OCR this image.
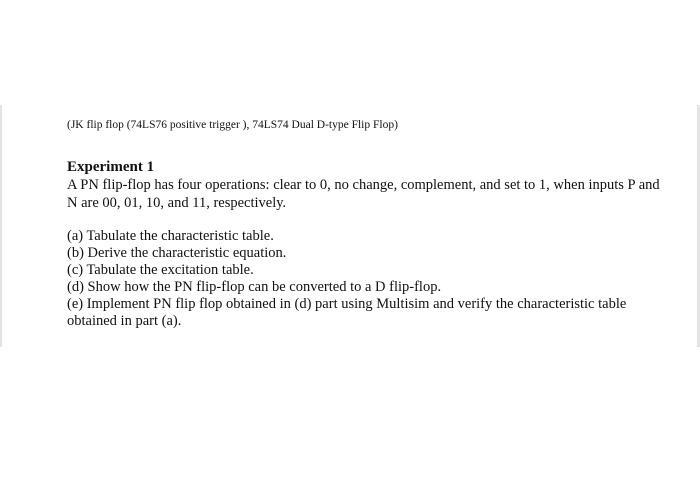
(JK flip flop (74LS76 positive trigger ), 74LS74 Dual D-type Flip Flop)

Experiment 1

A PN flip-flop has four operations: clear to 0, no change, complement, and set to 1, when inputs P and N are 00, 01, 10, and 11, respectively.

(a) Tabulate the characteristic table.

(b) Derive the characteristic equation.

(c) Tabulate the excitation table.

(d) Show how the PN flip-flop can be converted to a D flip-flop.

(e) Implement PN flip flop obtained in (d) part using Multisim and verify the characteristic table obtained in part (a).
